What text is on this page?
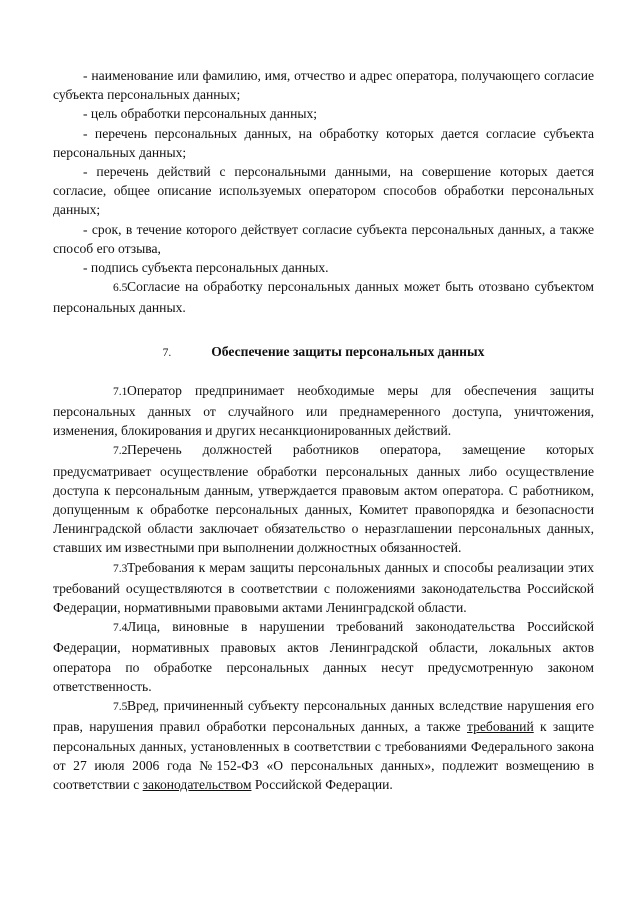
- наименование или фамилию, имя, отчество и адрес оператора, получающего согласие субъекта персональных данных;

- цель обработки персональных данных;

- перечень персональных данных, на обработку которых дается согласие субъекта персональных данных;

- перечень действий с персональными данными, на совершение которых дается согласие, общее описание используемых оператором способов обработки персональных данных;

- срок, в течение которого действует согласие субъекта персональных данных, а также способ его отзыва,

- подпись субъекта персональных данных.

6.5Согласие на обработку персональных данных может быть отозвано субъектом персональных данных.

7.	Обеспечение защиты персональных данных

7.1Оператор предпринимает необходимые меры для обеспечения защиты персональных данных от случайного или преднамеренного доступа, уничтожения, изменения, блокирования и других несанкционированных действий.

7.2Перечень должностей работников оператора, замещение которых предусматривает осуществление обработки персональных данных либо осуществление доступа к персональным данным, утверждается правовым актом оператора. С работником, допущенным к обработке персональных данных, Комитет правопорядка и безопасности Ленинградской области заключает обязательство о неразглашении персональных данных, ставших им известными при выполнении должностных обязанностей.

7.3Требования к мерам защиты персональных данных и способы реализации этих требований осуществляются в соответствии с положениями законодательства Российской Федерации, нормативными правовыми актами Ленинградской области.

7.4Лица, виновные в нарушении требований законодательства Российской Федерации, нормативных правовых актов Ленинградской области, локальных актов оператора по обработке персональных данных несут предусмотренную законом ответственность.

7.5Вред, причиненный субъекту персональных данных вследствие нарушения его прав, нарушения правил обработки персональных данных, а также требований к защите персональных данных, установленных в соответствии с требованиями Федерального закона от 27 июля 2006 года №152-ФЗ «О персональных данных», подлежит возмещению в соответствии с законодательством Российской Федерации.
